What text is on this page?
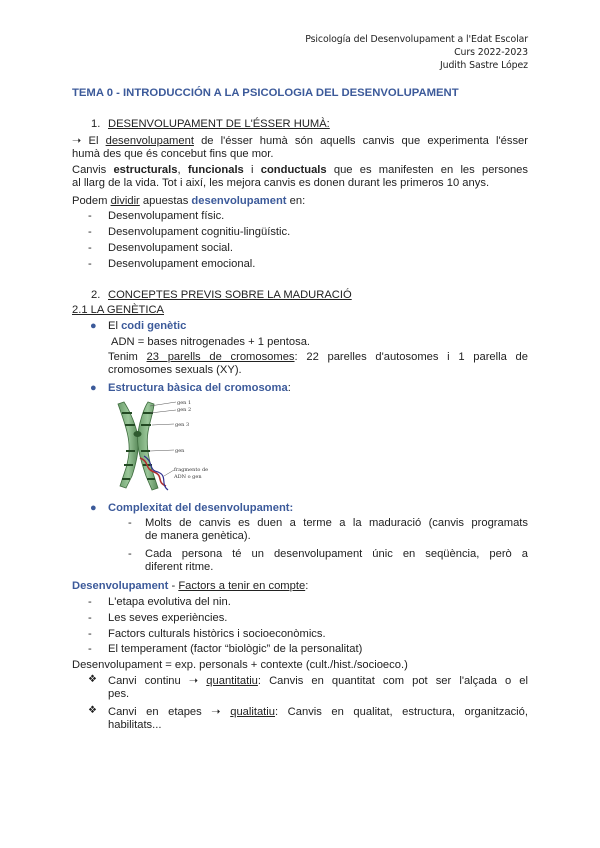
Psicología del Desenvolupament a l'Edat Escolar
Curs 2022-2023
Judith Sastre López
TEMA 0 - INTRODUCCIÓN A LA PSICOLOGIA DEL DESENVOLUPAMENT
1. DESENVOLUPAMENT DE L'ÉSSER HUMÀ:
➝ El desenvolupament de l'ésser humà són aquells canvis que experimenta l'ésser
humà des que és concebut fins que mor.
Canvis estructurals, funcionals i conductuals que es manifesten en les persones
al llarg de la vida. Tot i així, les mejora canvis es donen durant les primeros 10 anys.
Podem dividir apuestas desenvolupament en:
- Desenvolupament físic.
- Desenvolupament cognitiu-lingüístic.
- Desenvolupament social.
- Desenvolupament emocional.
2. CONCEPTES PREVIS SOBRE LA MADURACIÓ
2.1 LA GENÈTICA
● El codi genètic
ADN = bases nitrogenades + 1 pentosa.
Tenim 23 parells de cromosomes: 22 parelles d'autosomes i 1 parella de
cromosomes sexuals (XY).
● Estructura bàsica del cromosoma:
gen 1
gen 2
gen 3
gen
fragmento de
ADN o gen
● Complexitat del desenvolupament:
- Molts de canvis es duen a terme a la maduració (canvis programats
de manera genètica).
- Cada persona té un desenvolupament únic en seqüència, però a
diferent ritme.
Desenvolupament - Factors a tenir en compte:
- L'etapa evolutiva del nin.
- Les seves experiències.
- Factors culturals històrics i socioeconòmics.
- El temperament (factor “biològic” de la personalitat)
Desenvolupament = exp. personals + contexte (cult./hist./socioeco.)
❖ Canvi continu ➝ quantitatiu: Canvis en quantitat com pot ser l'alçada o el
pes.
❖ Canvi en etapes ➝ qualitatiu: Canvis en qualitat, estructura, organització,
habilitats...
